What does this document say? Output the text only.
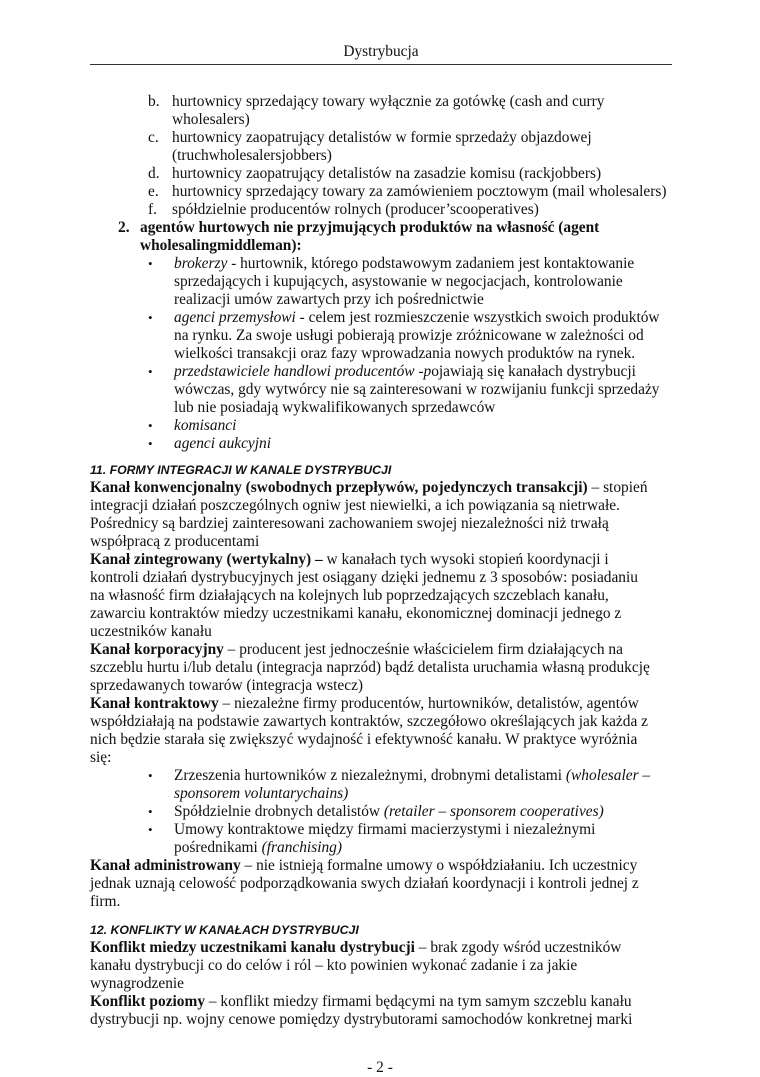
Dystrybucja
b. hurtownicy sprzedający towary wyłącznie za gotówkę (cash and curry wholesalers)
c. hurtownicy zaopatrujący detalistów w formie sprzedaży objazdowej (truchwholesalersjobbers)
d. hurtownicy zaopatrujący detalistów na zasadzie komisu (rackjobbers)
e. hurtownicy sprzedający towary za zamówieniem pocztowym (mail wholesalers)
f. spółdzielnie producentów rolnych (producer’scooperatives)
2. agentów hurtowych nie przyjmujących produktów na własność (agent wholesalingmiddleman):
•	brokerzy - hurtownik, którego podstawowym zadaniem jest kontaktowanie sprzedających i kupujących, asystowanie w negocjacjach, kontrolowanie realizacji umów zawartych przy ich pośrednictwie
•	agenci przemysłowi - celem jest rozmieszczenie wszystkich swoich produktów na rynku. Za swoje usługi pobierają prowizje zróżnicowane w zależności od wielkości transakcji oraz fazy wprowadzania nowych produktów na rynek.
•	przedstawiciele handlowi producentów -pojawiają się kanałach dystrybucji wówczas, gdy wytwórcy nie są zainteresowani w rozwijaniu funkcji sprzedaży lub nie posiadają wykwalifikowanych sprzedawców
•	komisanci
•	agenci aukcyjni
11. FORMY INTEGRACJI W KANALE DYSTRYBUCJI

Kanał konwencjonalny (swobodnych przepływów, pojedynczych transakcji) – stopień integracji działań poszczególnych ogniw jest niewielki, a ich powiązania są nietrwałe. Pośrednicy są bardziej zainteresowani zachowaniem swojej niezależności niż trwałą współpracą z producentami

Kanał zintegrowany (wertykalny) – w kanałach tych wysoki stopień koordynacji i kontroli działań dystrybucyjnych jest osiągany dzięki jednemu z 3 sposobów: posiadaniu na własność firm działających na kolejnych lub poprzedzających szczeblach kanału, zawarciu kontraktów miedzy uczestnikami kanału, ekonomicznej dominacji jednego z uczestników kanału

Kanał korporacyjny – producent jest jednocześnie właścicielem firm działających na szczeblu hurtu i/lub detalu (integracja naprzód) bądź detalista uruchamia własną produkcję sprzedawanych towarów (integracja wstecz)

Kanał kontraktowy – niezależne firmy producentów, hurtowników, detalistów, agentów współdziałają na podstawie zawartych kontraktów, szczegółowo określających jak każda z nich będzie starała się zwiększyć wydajność i efektywność kanału. W praktyce wyróżnia się:

•	Zrzeszenia hurtowników z niezależnymi, drobnymi detalistami (wholesaler – sponsorem voluntarychains)
•	Spółdzielnie drobnych detalistów (retailer – sponsorem cooperatives)
•	Umowy kontraktowe między firmami macierzystymi i niezależnymi pośrednikami (franchising)

Kanał administrowany – nie istnieją formalne umowy o współdziałaniu. Ich uczestnicy jednak uznają celowość podporządkowania swych działań koordynacji i kontroli jednej z firm.

12. KONFLIKTY W KANAŁACH DYSTRYBUCJI

Konflikt miedzy uczestnikami kanału dystrybucji – brak zgody wśród uczestników kanału dystrybucji co do celów i ról – kto powinien wykonać zadanie i za jakie wynagrodzenie

Konflikt poziomy – konflikt miedzy firmami będącymi na tym samym szczeblu kanału dystrybucji np. wojny cenowe pomiędzy dystrybutorami samochodów konkretnej marki

- 2 -
